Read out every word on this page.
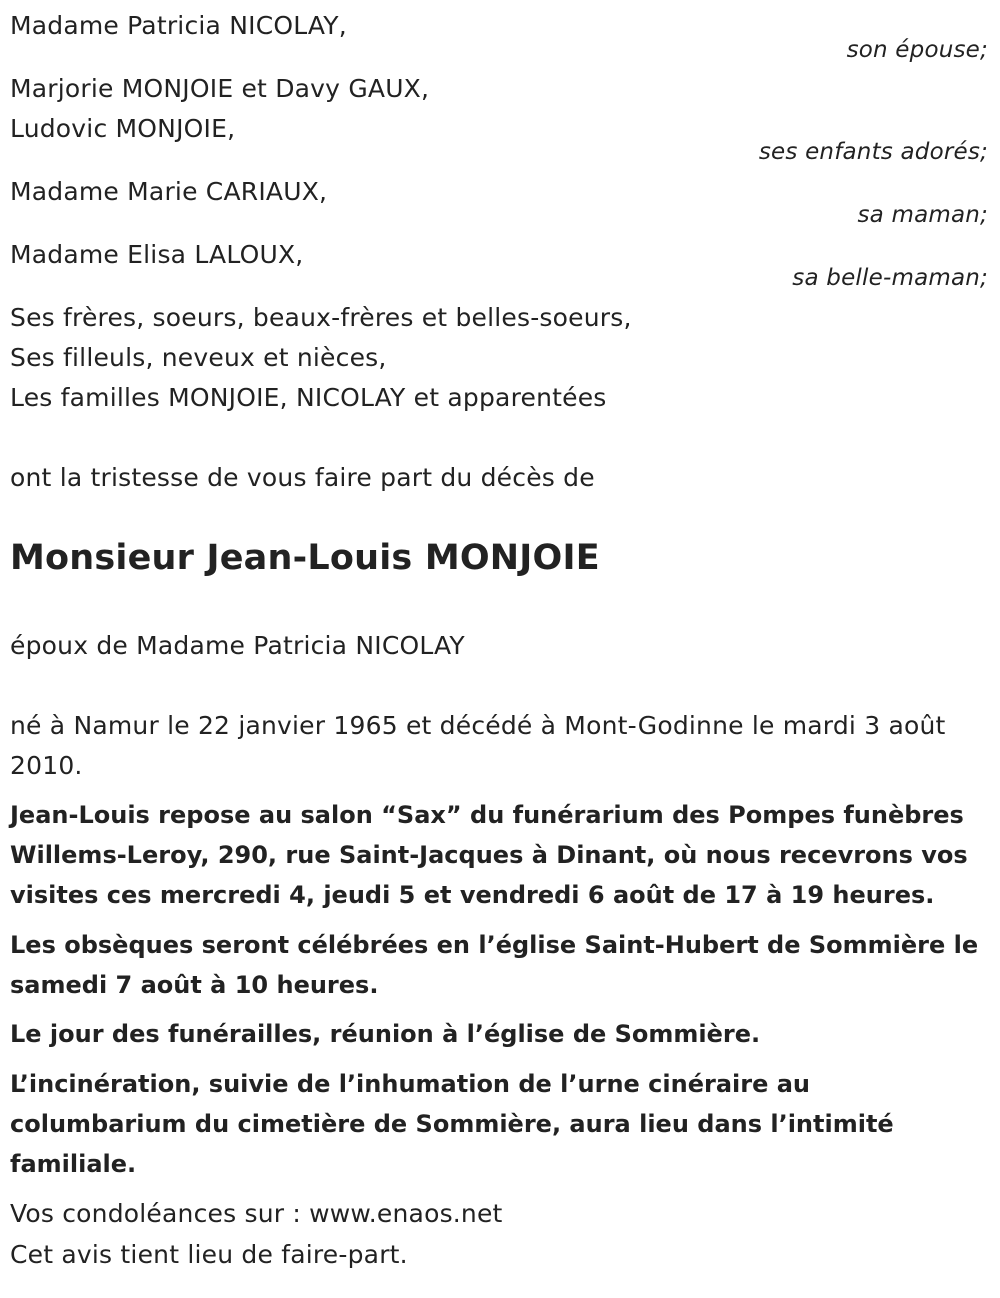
Madame Patricia NICOLAY,
son épouse;
Marjorie MONJOIE et Davy GAUX,
Ludovic MONJOIE,
ses enfants adorés;
Madame Marie CARIAUX,
sa maman;
Madame Elisa LALOUX,
sa belle-maman;
Ses frères, soeurs, beaux-frères et belles-soeurs,
Ses filleuls, neveux et nièces,
Les familles MONJOIE, NICOLAY et apparentées
ont la tristesse de vous faire part du décès de
Monsieur Jean-Louis MONJOIE
époux de Madame Patricia NICOLAY
né à Namur le 22 janvier 1965 et décédé à Mont-Godinne le mardi 3 août 2010.
Jean-Louis repose au salon “Sax” du funérarium des Pompes funèbres Willems-Leroy, 290, rue Saint-Jacques à Dinant, où nous recevrons vos visites ces mercredi 4, jeudi 5 et vendredi 6 août de 17 à 19 heures.
Les obsèques seront célébrées en l’église Saint-Hubert de Sommière le samedi 7 août à 10 heures.
Le jour des funérailles, réunion à l’église de Sommière.
L’incinération, suivie de l’inhumation de l’urne cinéraire au columbarium du cimetière de Sommière, aura lieu dans l’intimité familiale.
Vos condoléances sur : www.enaos.net
Cet avis tient lieu de faire-part.
